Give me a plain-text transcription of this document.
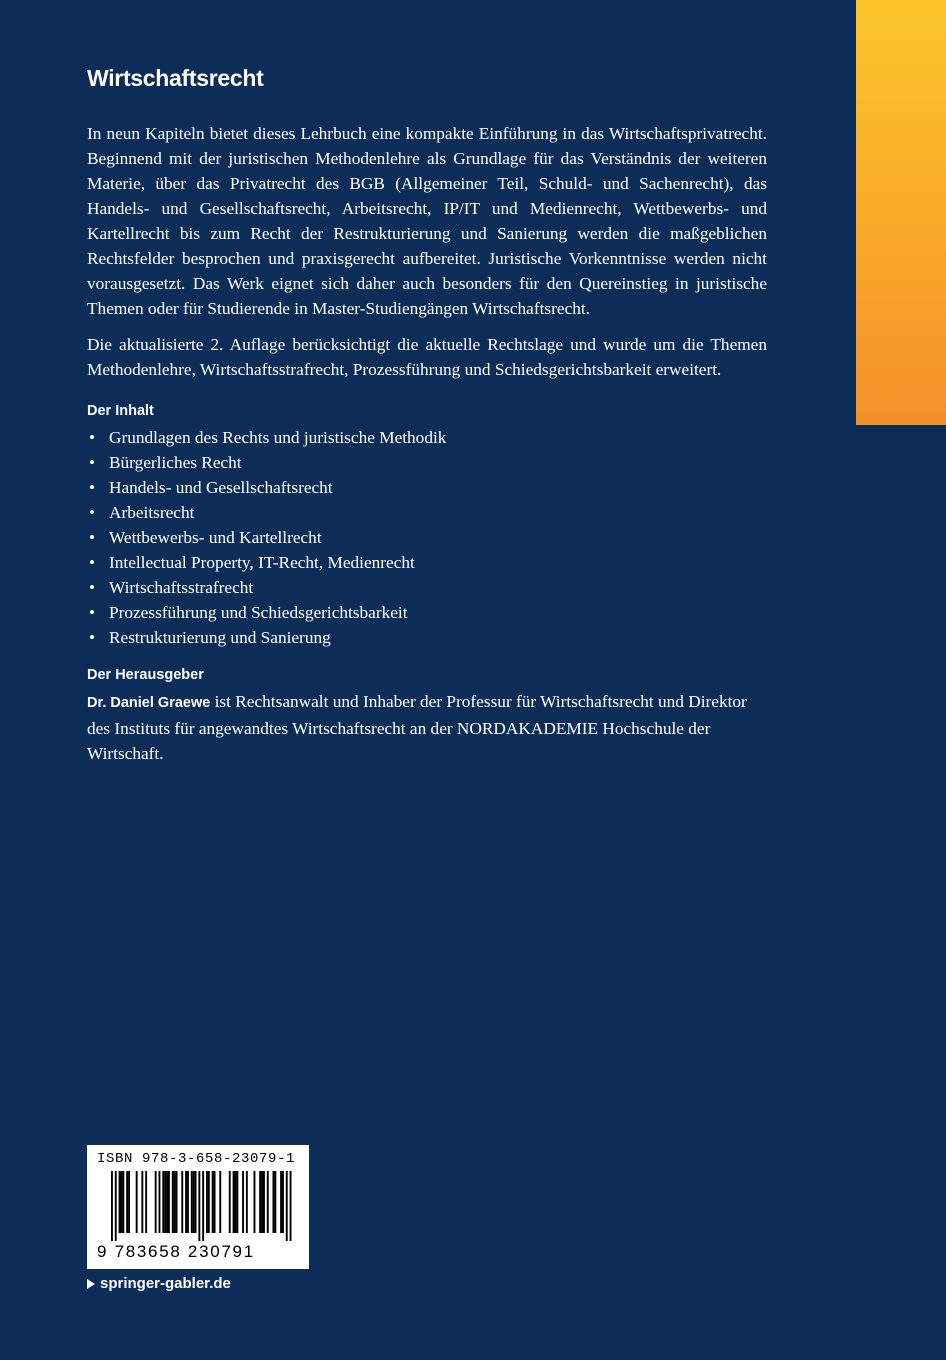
Wirtschaftsrecht

In neun Kapiteln bietet dieses Lehrbuch eine kompakte Einführung in das Wirtschaftsprivatrecht. Beginnend mit der juristischen Methodenlehre als Grundlage für das Verständnis der weiteren Materie, über das Privatrecht des BGB (Allgemeiner Teil, Schuld- und Sachenrecht), das Handels- und Gesellschaftsrecht, Arbeitsrecht, IP/IT und Medienrecht, Wettbewerbs- und Kartellrecht bis zum Recht der Restrukturierung und Sanierung werden die maßgeblichen Rechtsfelder besprochen und praxisgerecht aufbereitet. Juristische Vorkenntnisse werden nicht vorausgesetzt. Das Werk eignet sich daher auch besonders für den Quereinstieg in juristische Themen oder für Studierende in Master-Studiengängen Wirtschaftsrecht.

Die aktualisierte 2. Auflage berücksichtigt die aktuelle Rechtslage und wurde um die Themen Methodenlehre, Wirtschaftsstrafrecht, Prozessführung und Schiedsgerichtsbarkeit erweitert.

Der Inhalt
• Grundlagen des Rechts und juristische Methodik
• Bürgerliches Recht
• Handels- und Gesellschaftsrecht
• Arbeitsrecht
• Wettbewerbs- und Kartellrecht
• Intellectual Property, IT-Recht, Medienrecht
• Wirtschaftsstrafrecht
• Prozessführung und Schiedsgerichtsbarkeit
• Restrukturierung und Sanierung
Der Herausgeber

Dr. Daniel Graewe ist Rechtsanwalt und Inhaber der Professur für Wirtschaftsrecht und Direktor des Instituts für angewandtes Wirtschaftsrecht an der NORDAKADEMIE Hochschule der Wirtschaft.

ISBN 978-3-658-23079-1
9 783658 230791
springer-gabler.de
